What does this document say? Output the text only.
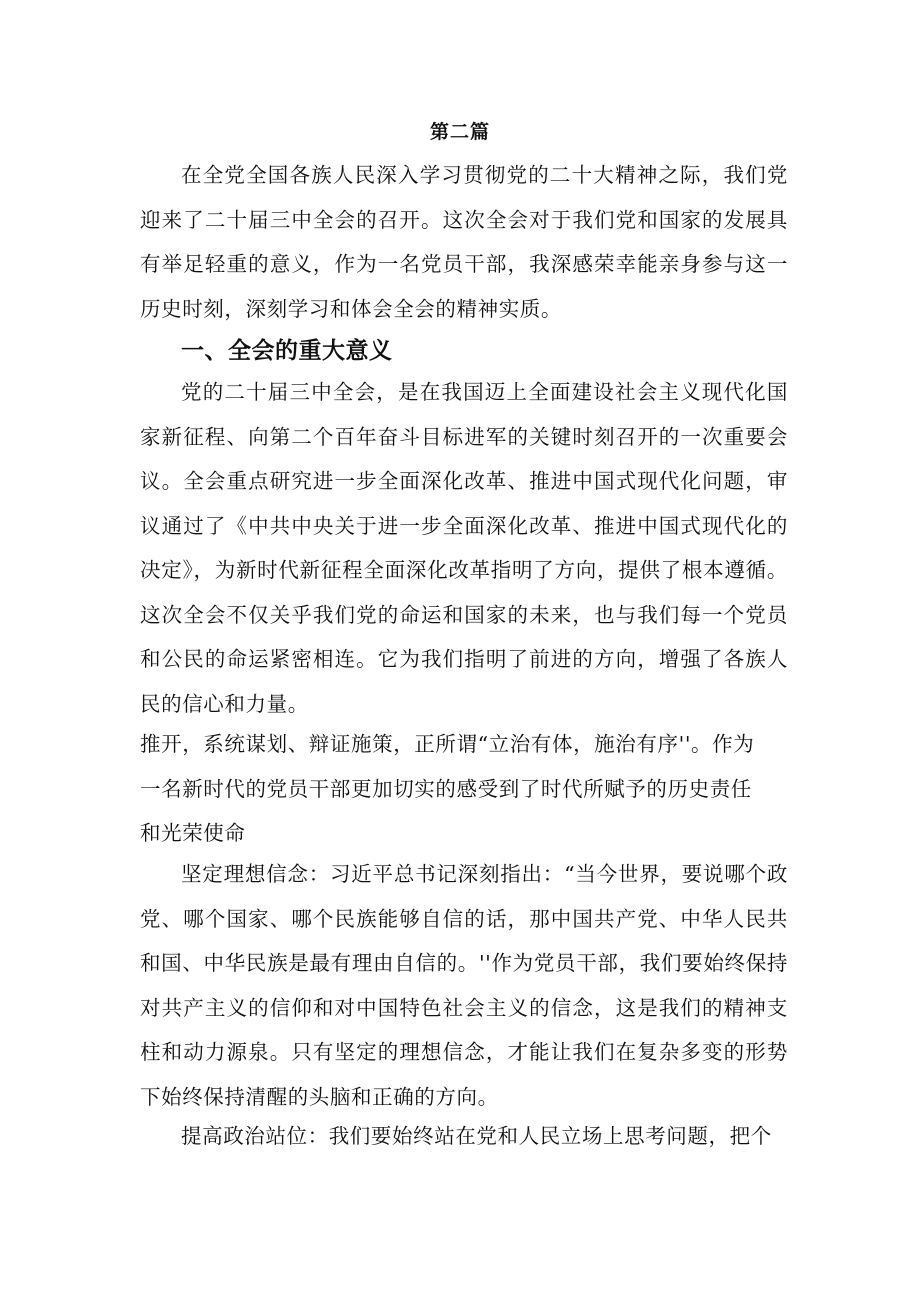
第二篇

在全党全国各族人民深入学习贯彻党的二十大精神之际，我们党迎来了二十届三中全会的召开。这次全会对于我们党和国家的发展具有举足轻重的意义，作为一名党员干部，我深感荣幸能亲身参与这一历史时刻，深刻学习和体会全会的精神实质。

一、全会的重大意义

党的二十届三中全会，是在我国迈上全面建设社会主义现代化国家新征程、向第二个百年奋斗目标进军的关键时刻召开的一次重要会议。全会重点研究进一步全面深化改革、推进中国式现代化问题，审议通过了《中共中央关于进一步全面深化改革、推进中国式现代化的决定》，为新时代新征程全面深化改革指明了方向，提供了根本遵循。这次全会不仅关乎我们党的命运和国家的未来，也与我们每一个党员和公民的命运紧密相连。它为我们指明了前进的方向，增强了各族人民的信心和力量。

推开，系统谋划、辩证施策，正所谓“立治有体，施治有序''。作为
一名新时代的党员干部更加切实的感受到了时代所赋予的历史责任
和光荣使命

坚定理想信念：习近平总书记深刻指出：“当今世界，要说哪个政党、哪个国家、哪个民族能够自信的话，那中国共产党、中华人民共和国、中华民族是最有理由自信的。''作为党员干部，我们要始终保持对共产主义的信仰和对中国特色社会主义的信念，这是我们的精神支柱和动力源泉。只有坚定的理想信念，才能让我们在复杂多变的形势下始终保持清醒的头脑和正确的方向。

提高政治站位：我们要始终站在党和人民立场上思考问题，把个
